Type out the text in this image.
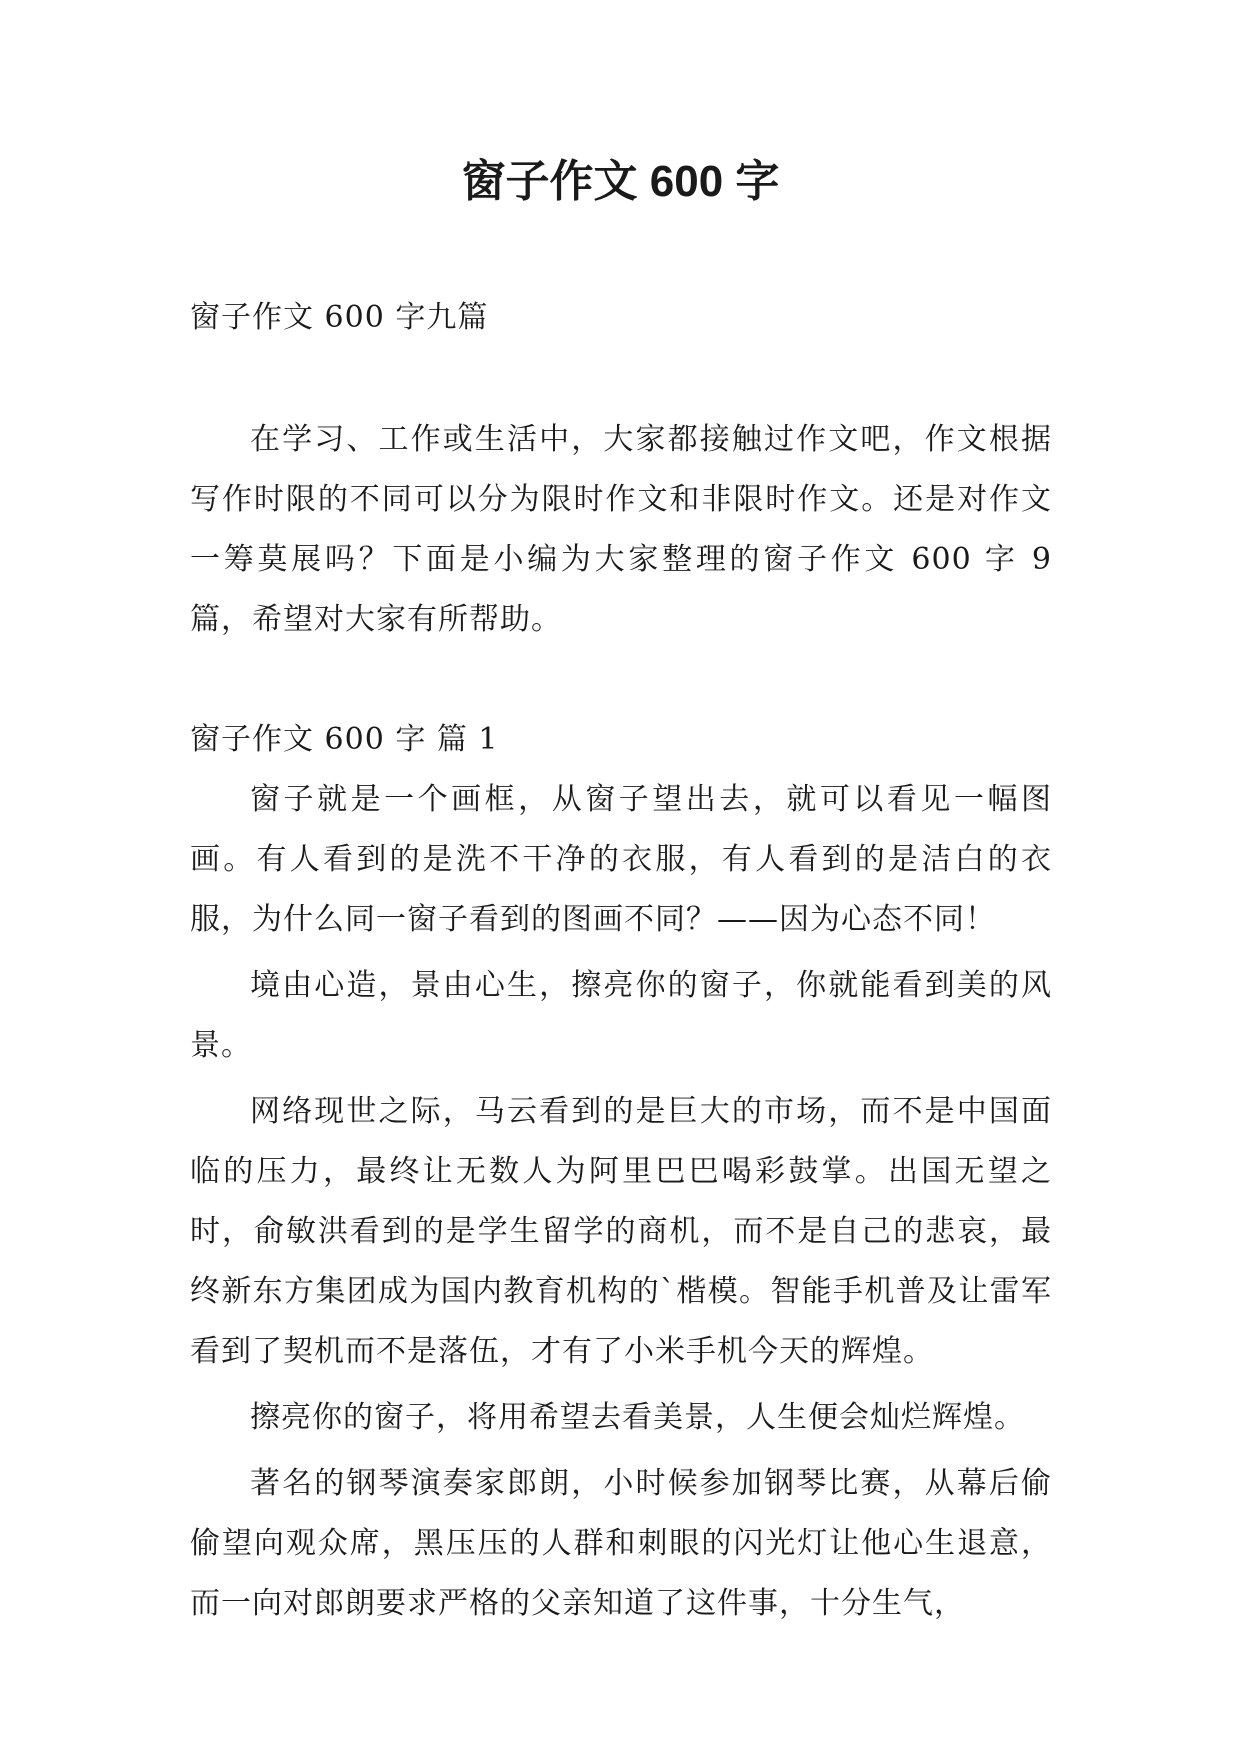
窗子作文 600 字

窗子作文 600 字九篇

在学习、工作或生活中，大家都接触过作文吧，作文根据写作时限的不同可以分为限时作文和非限时作文。还是对作文一筹莫展吗？下面是小编为大家整理的窗子作文 600 字 9 篇，希望对大家有所帮助。

窗子作文 600 字 篇 1

窗子就是一个画框，从窗子望出去，就可以看见一幅图画。有人看到的是洗不干净的衣服，有人看到的是洁白的衣服，为什么同一窗子看到的图画不同？——因为心态不同！

境由心造，景由心生，擦亮你的窗子，你就能看到美的风景。

网络现世之际，马云看到的是巨大的市场，而不是中国面临的压力，最终让无数人为阿里巴巴喝彩鼓掌。出国无望之时，俞敏洪看到的是学生留学的商机，而不是自己的悲哀，最终新东方集团成为国内教育机构的`楷模。智能手机普及让雷军看到了契机而不是落伍，才有了小米手机今天的辉煌。

擦亮你的窗子，将用希望去看美景，人生便会灿烂辉煌。

著名的钢琴演奏家郎朗，小时候参加钢琴比赛，从幕后偷偷望向观众席，黑压压的人群和刺眼的闪光灯让他心生退意，而一向对郎朗要求严格的父亲知道了这件事，十分生气，
